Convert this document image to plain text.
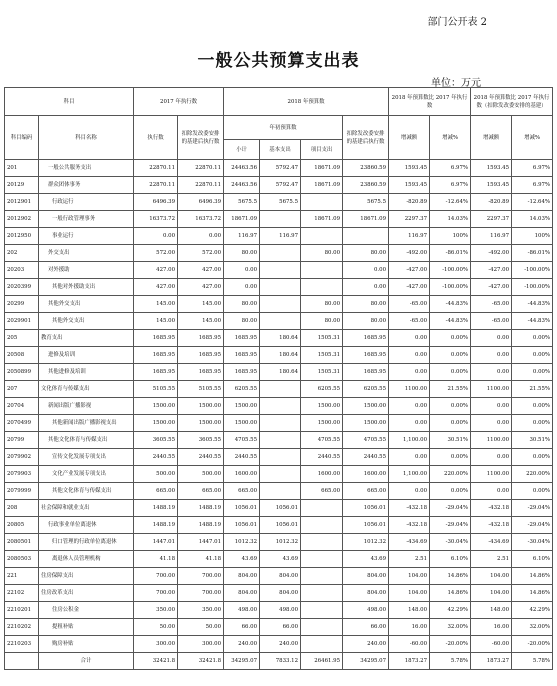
部门公开表 2
一般公共预算支出表
单位：万元
科目		2017 年执行数		2018 年预算数				2018 年预算数比 2017 年执行数		2018 年预算数比 2017 年执行数（扣除发改委安排的基建）	
科目编码	科目名称	执行数	扣除发改委安排的基建后执行数	年初预算数			扣除发改委安排的基建后执行数	增减额	增减%	增减额	增减%
				小计	基本支出	项目支出					
201	一般公共服务支出	22870.11	22870.11	24463.56	5792.47	18671.09	23860.59	1593.45	6.97%	1593.45	6.97%
20129	群众团体事务	22870.11	22870.11	24463.56	5792.47	18671.09	23860.59	1593.45	6.97%	1593.45	6.97%
2012901	行政运行	6496.39	6496.39	5675.5	5675.5		5675.5	-820.89	-12.64%	-820.89	-12.64%
2012902	一般行政管理事务	16373.72	16373.72	18671.09		18671.09	18671.09	2297.37	14.03%	2297.37	14.03%
2012950	事业运行	0.00	0.00	116.97	116.97			116.97	100%	116.97	100%
202	外交支出	572.00	572.00	80.00		80.00	80.00	-492.00	-86.01%	-492.00	-86.01%
20203	对外援助	427.00	427.00	0.00			0.00	-427.00	-100.00%	-427.00	-100.00%
2020399	其他对外援助支出	427.00	427.00	0.00			0.00	-427.00	-100.00%	-427.00	-100.00%
20299	其他外交支出	145.00	145.00	80.00		80.00	80.00	-65.00	-44.83%	-65.00	-44.83%
2029901	其他外交支出	145.00	145.00	80.00		80.00	80.00	-65.00	-44.83%	-65.00	-44.83%
205	教育支出	1685.95	1685.95	1685.95	180.64	1505.31	1685.95	0.00	0.00%	0.00	0.00%
20508	进修及培训	1685.95	1685.95	1685.95	180.64	1505.31	1685.95	0.00	0.00%	0.00	0.00%
2050899	其他进修及培训	1685.95	1685.95	1685.95	180.64	1505.31	1685.95	0.00	0.00%	0.00	0.00%
207	文化体育与传媒支出	5105.55	5105.55	6205.55		6205.55	6205.55	1100.00	21.55%	1100.00	21.55%
20704	新闻出版广播影视	1500.00	1500.00	1500.00		1500.00	1500.00	0.00	0.00%	0.00	0.00%
2070499	其他新闻出版广播影视支出	1500.00	1500.00	1500.00		1500.00	1500.00	0.00	0.00%	0.00	0.00%
20799	其他文化体育与传媒支出	3605.55	3605.55	4705.55		4705.55	4705.55	1,100.00	30.51%	1100.00	30.51%
2079902	宣传文化发展专项支出	2440.55	2440.55	2440.55		2440.55	2440.55	0.00	0.00%	0.00	0.00%
2079903	文化产业发展专项支出	500.00	500.00	1600.00		1600.00	1600.00	1,100.00	220.00%	1100.00	220.00%
2079999	其他文化体育与传媒支出	665.00	665.00	665.00		665.00	665.00	0.00	0.00%	0.00	0.00%
208	社会保障和就业支出	1488.19	1488.19	1056.01	1056.01		1056.01	-432.18	-29.04%	-432.18	-29.04%
20805	行政事业单位离退休	1488.19	1488.19	1056.01	1056.01		1056.01	-432.18	-29.04%	-432.18	-29.04%
2080501	归口管理的行政单位离退休	1447.01	1447.01	1012.32	1012.32		1012.32	-434.69	-30.04%	-434.69	-30.04%
2080503	离退休人员管理机构	41.18	41.18	43.69	43.69		43.69	2.51	6.10%	2.51	6.10%
221	住房保障支出	700.00	700.00	804.00	804.00		804.00	104.00	14.86%	104.00	14.86%
22102	住房改革支出	700.00	700.00	804.00	804.00		804.00	104.00	14.86%	104.00	14.86%
2210201	住房公积金	350.00	350.00	498.00	498.00		498.00	148.00	42.29%	148.00	42.29%
2210202	提租补贴	50.00	50.00	66.00	66.00		66.00	16.00	32.00%	16.00	32.00%
2210203	购房补贴	300.00	300.00	240.00	240.00		240.00	-60.00	-20.00%	-60.00	-20.00%
	合计	32421.8	32421.8	34295.07	7833.12	26461.95	34295.07	1873.27	5.78%	1873.27	5.78%
